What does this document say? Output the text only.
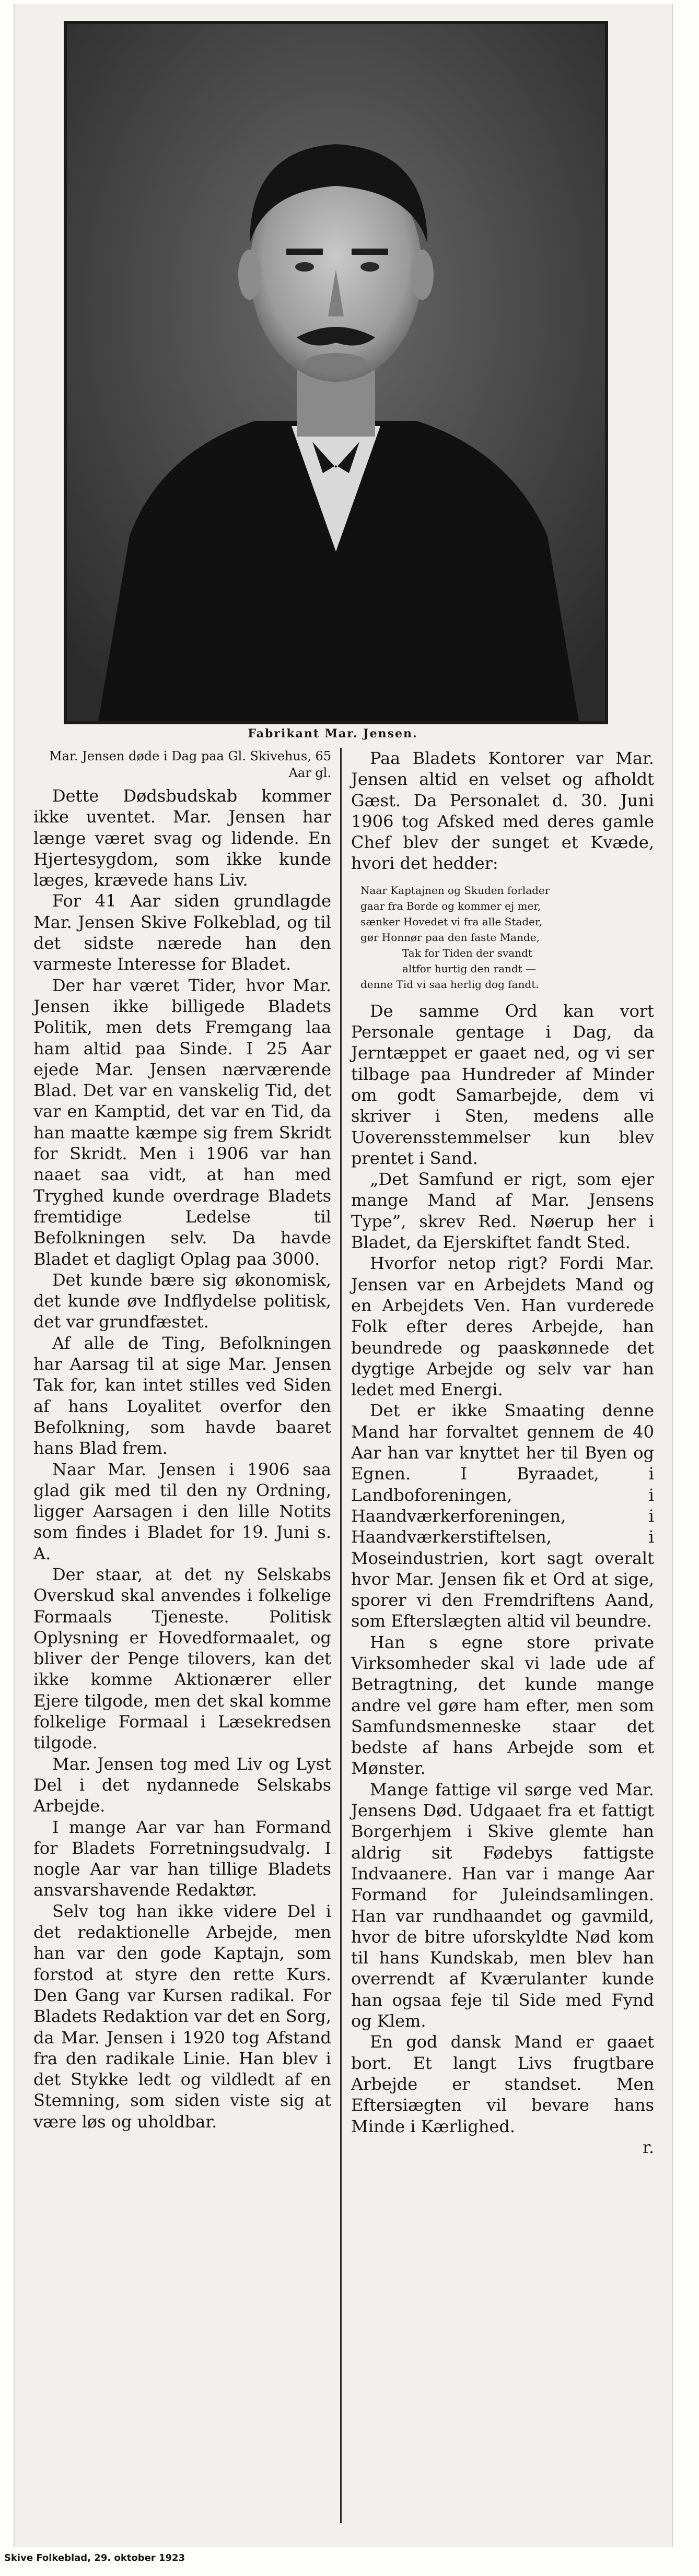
Fabrikant Mar. Jensen.

Mar. Jensen døde i Dag paa Gl. Skivehus, 65 Aar gl.

Dette Dødsbudskab kommer ikke uventet. Mar. Jensen har længe været svag og lidende. En Hjertesygdom, som ikke kunde læges, krævede hans Liv.

For 41 Aar siden grundlagde Mar. Jensen Skive Folkeblad, og til det sidste nærede han den varmeste Interesse for Bladet.

Der har været Tider, hvor Mar. Jensen ikke billigede Bladets Politik, men dets Fremgang laa ham altid paa Sinde. I 25 Aar ejede Mar. Jensen nærværende Blad. Det var en vanskelig Tid, det var en Kamptid, det var en Tid, da han maatte kæmpe sig frem Skridt for Skridt. Men i 1906 var han naaet saa vidt, at han med Tryghed kunde overdrage Bladets fremtidige Ledelse til Befolkningen selv. Da havde Bladet et dagligt Oplag paa 3000.

Det kunde bære sig økonomisk, det kunde øve Indflydelse politisk, det var grundfæstet.

Af alle de Ting, Befolkningen har Aarsag til at sige Mar. Jensen Tak for, kan intet stilles ved Siden af hans Loyalitet overfor den Befolkning, som havde baaret hans Blad frem.

Naar Mar. Jensen i 1906 saa glad gik med til den ny Ordning, ligger Aarsagen i den lille Notits som findes i Bladet for 19. Juni s. A.

Der staar, at det ny Selskabs Overskud skal anvendes i folkelige Formaals Tjeneste. Politisk Oplysning er Hovedformaalet, og bliver der Penge tilovers, kan det ikke komme Aktionærer eller Ejere tilgode, men det skal komme folkelige Formaal i Læsekredsen tilgode.

Mar. Jensen tog med Liv og Lyst Del i det nydannede Selskabs Arbejde.

I mange Aar var han Formand for Bladets Forretningsudvalg. I nogle Aar var han tillige Bladets ansvarshavende Redaktør.

Selv tog han ikke videre Del i det redaktionelle Arbejde, men han var den gode Kaptajn, som forstod at styre den rette Kurs. Den Gang var Kursen radikal. For Bladets Redaktion var det en Sorg, da Mar. Jensen i 1920 tog Afstand fra den radikale Linie. Han blev i det Stykke ledt og vildledt af en Stemning, som siden viste sig at være løs og uholdbar.

Paa Bladets Kontorer var Mar. Jensen altid en velset og afholdt Gæst. Da Personalet d. 30. Juni 1906 tog Afsked med deres gamle Chef blev der sunget et Kvæde, hvori det hedder:

Naar Kaptajnen og Skuden forlader
gaar fra Borde og kommer ej mer,
sænker Hovedet vi fra alle Stader,
gør Honnør paa den faste Mande,
Tak for Tiden der svandt
altfor hurtig den randt —
denne Tid vi saa herlig dog fandt.

De samme Ord kan vort Personale gentage i Dag, da Jerntæppet er gaaet ned, og vi ser tilbage paa Hundreder af Minder om godt Samarbejde, dem vi skriver i Sten, medens alle Uoverensstemmelser kun blev prentet i Sand.

„Det Samfund er rigt, som ejer mange Mand af Mar. Jensens Type”, skrev Red. Nøerup her i Bladet, da Ejerskiftet fandt Sted.

Hvorfor netop rigt? Fordi Mar. Jensen var en Arbejdets Mand og en Arbejdets Ven. Han vurderede Folk efter deres Arbejde, han beundrede og paaskønnede det dygtige Arbejde og selv var han ledet med Energi.

Det er ikke Smaating denne Mand har forvaltet gennem de 40 Aar han var knyttet her til Byen og Egnen. I Byraadet, i Landboforeningen, i Haandværkerforeningen, i Haandværkerstiftelsen, i Moseindustrien, kort sagt overalt hvor Mar. Jensen fik et Ord at sige, sporer vi den Fremdriftens Aand, som Efterslægten altid vil beundre.

Han s egne store private Virksomheder skal vi lade ude af Betragtning, det kunde mange andre vel gøre ham efter, men som Samfundsmenneske staar det bedste af hans Arbejde som et Mønster.

Mange fattige vil sørge ved Mar. Jensens Død. Udgaaet fra et fattigt Borgerhjem i Skive glemte han aldrig sit Fødebys fattigste Indvaanere. Han var i mange Aar Formand for Juleindsamlingen. Han var rundhaandet og gavmild, hvor de bitre uforskyldte Nød kom til hans Kundskab, men blev han overrendt af Kværulanter kunde han ogsaa feje til Side med Fynd og Klem.

En god dansk Mand er gaaet bort. Et langt Livs frugtbare Arbejde er standset. Men Eftersiægten vil bevare hans Minde i Kærlighed.

r.

Skive Folkeblad, 29. oktober 1923
